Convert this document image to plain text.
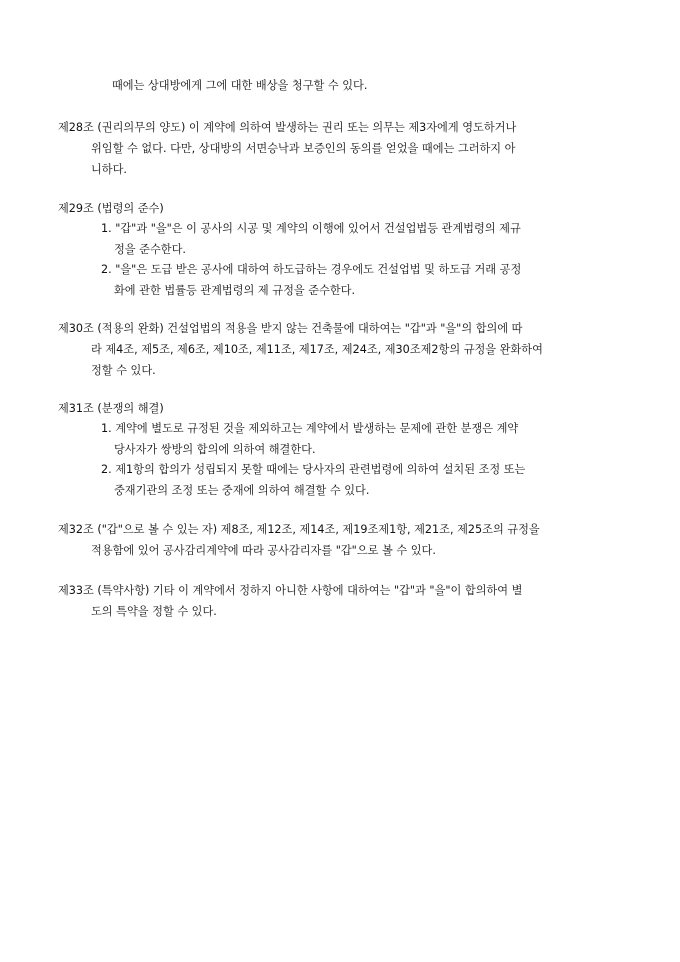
때에는 상대방에게 그에 대한 배상을 청구할 수 있다.
제28조 (권리의무의 양도) 이 계약에 의하여 발생하는 권리 또는 의무는 제3자에게 영도하거나
위임할 수 없다. 다만, 상대방의 서면승낙과 보증인의 동의를 얻었을 때에는 그러하지 아
니하다.
제29조 (법령의 준수)
1. "갑"과 "을"은 이 공사의 시공 및 계약의 이행에 있어서 건설업법등 관계법령의 제규
정을 준수한다.
2. "을"은 도급 받은 공사에 대하여 하도급하는 경우에도 건설업법 및 하도급 거래 공정
화에 관한 법률등 관계법령의 제 규정을 준수한다.
제30조 (적용의 완화) 건설업법의 적용을 받지 않는 건축물에 대하여는 "갑"과 "을"의 합의에 따
라 제4조, 제5조, 제6조, 제10조, 제11조, 제17조, 제24조, 제30조제2항의 규정을 완화하여
정할 수 있다.
제31조 (분쟁의 해결)
1. 계약에 별도로 규정된 것을 제외하고는 계약에서 발생하는 문제에 관한 분쟁은 계약
당사자가 쌍방의 합의에 의하여 해결한다.
2. 제1항의 합의가 성립되지 못할 때에는 당사자의 관련법령에 의하여 설치된 조정 또는
중재기관의 조정 또는 중재에 의하여 해결할 수 있다.
제32조 ("갑"으로 볼 수 있는 자) 제8조, 제12조, 제14조, 제19조제1항, 제21조, 제25조의 규정을
적용함에 있어 공사감리계약에 따라 공사감리자를 "갑"으로 볼 수 있다.
제33조 (특약사항) 기타 이 계약에서 정하지 아니한 사항에 대하여는 "갑"과 "을"이 합의하여 별
도의 특약을 정할 수 있다.
